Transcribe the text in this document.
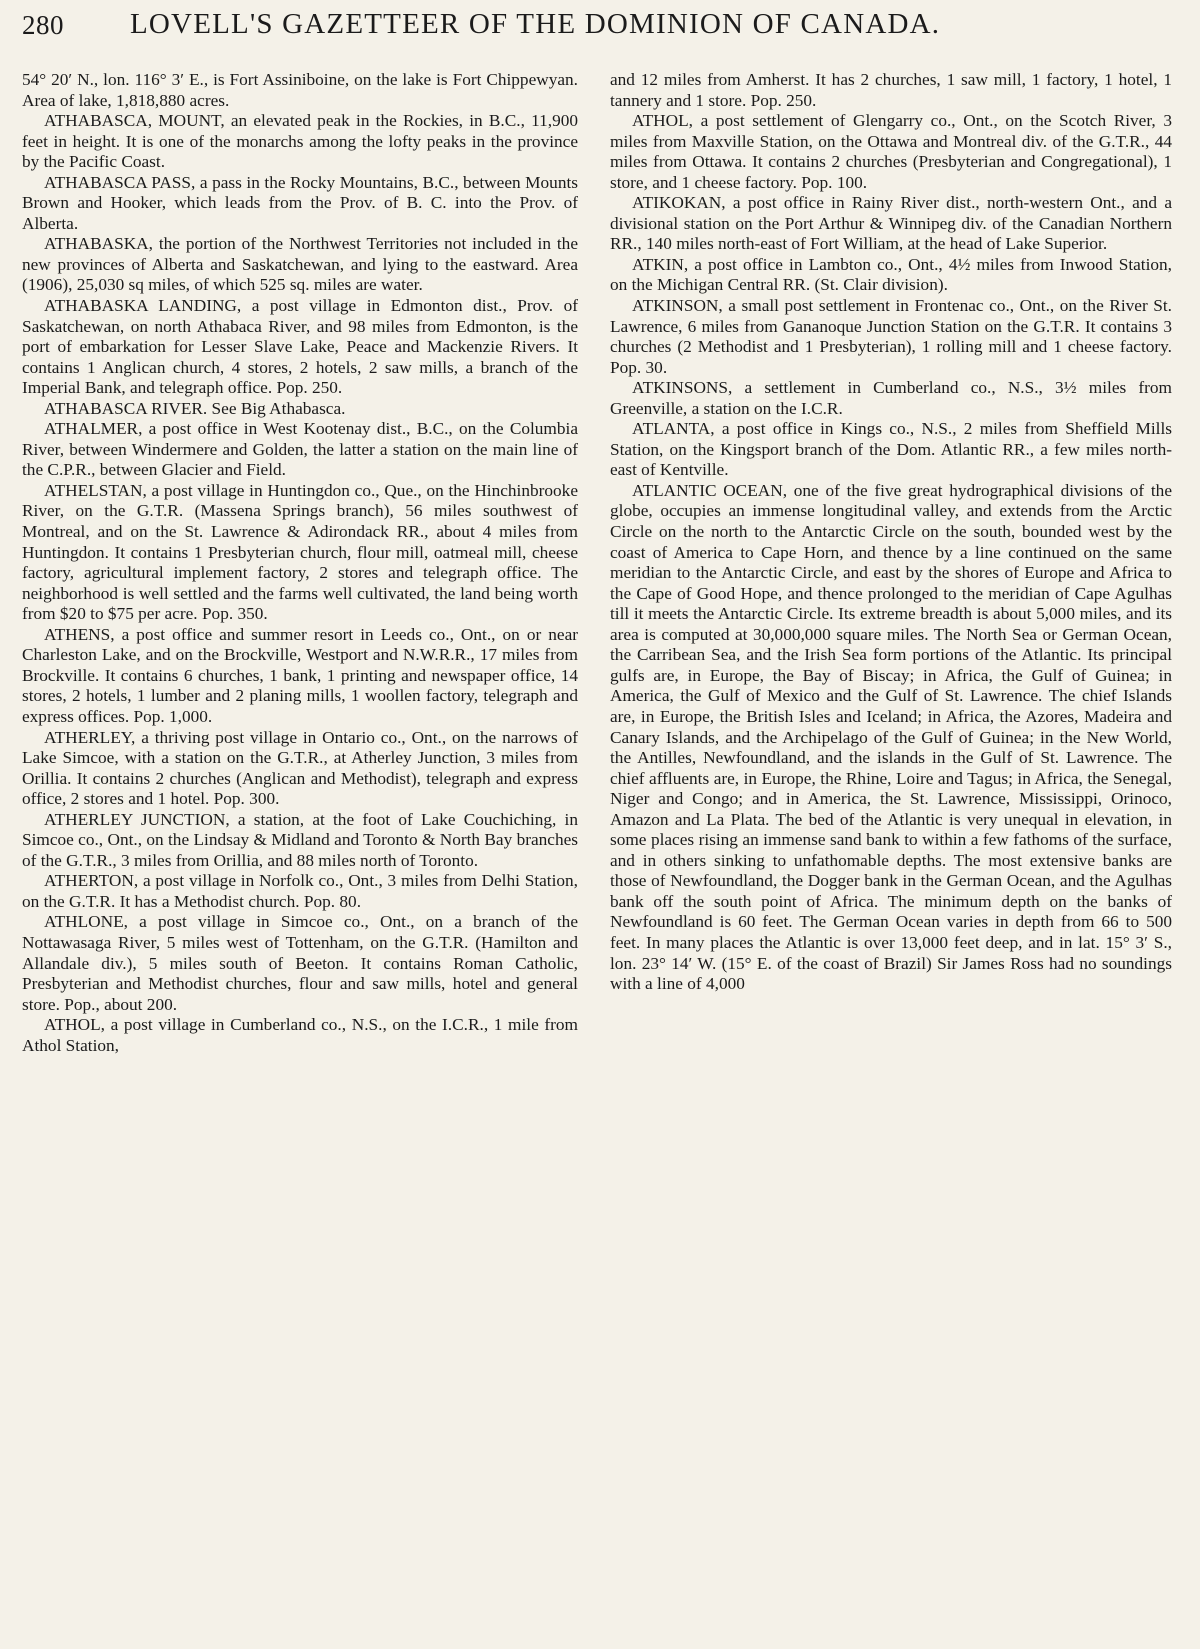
280 LOVELL'S GAZETTEER OF THE DOMINION OF CANADA.

54° 20′ N., lon. 116° 3′ E., is Fort Assiniboine, on the lake is Fort Chippewyan. Area of lake, 1,818,880 acres.

ATHABASCA, MOUNT, an elevated peak in the Rockies, in B.C., 11,900 feet in height. It is one of the monarchs among the lofty peaks in the province by the Pacific Coast.

ATHABASCA PASS, a pass in the Rocky Mountains, B.C., between Mounts Brown and Hooker, which leads from the Prov. of B. C. into the Prov. of Alberta.

ATHABASKA, the portion of the Northwest Territories not included in the new provinces of Alberta and Saskatchewan, and lying to the eastward. Area (1906), 25,030 sq miles, of which 525 sq. miles are water.

ATHABASKA LANDING, a post village in Edmonton dist., Prov. of Saskatchewan, on north Athabaca River, and 98 miles from Edmonton, is the port of embarkation for Lesser Slave Lake, Peace and Mackenzie Rivers. It contains 1 Anglican church, 4 stores, 2 hotels, 2 saw mills, a branch of the Imperial Bank, and telegraph office. Pop. 250.

ATHABASCA RIVER. See Big Athabasca.

ATHALMER, a post office in West Kootenay dist., B.C., on the Columbia River, between Windermere and Golden, the latter a station on the main line of the C.P.R., between Glacier and Field.

ATHELSTAN, a post village in Huntingdon co., Que., on the Hinchinbrooke River, on the G.T.R. (Massena Springs branch), 56 miles southwest of Montreal, and on the St. Lawrence & Adirondack RR., about 4 miles from Huntingdon. It contains 1 Presbyterian church, flour mill, oatmeal mill, cheese factory, agricultural implement factory, 2 stores and telegraph office. The neighborhood is well settled and the farms well cultivated, the land being worth from $20 to $75 per acre. Pop. 350.

ATHENS, a post office and summer resort in Leeds co., Ont., on or near Charleston Lake, and on the Brockville, Westport and N.W.R.R., 17 miles from Brockville. It contains 6 churches, 1 bank, 1 printing and newspaper office, 14 stores, 2 hotels, 1 lumber and 2 planing mills, 1 woollen factory, telegraph and express offices. Pop. 1,000.

ATHERLEY, a thriving post village in Ontario co., Ont., on the narrows of Lake Simcoe, with a station on the G.T.R., at Atherley Junction, 3 miles from Orillia. It contains 2 churches (Anglican and Methodist), telegraph and express office, 2 stores and 1 hotel. Pop. 300.

ATHERLEY JUNCTION, a station, at the foot of Lake Couchiching, in Simcoe co., Ont., on the Lindsay & Midland and Toronto & North Bay branches of the G.T.R., 3 miles from Orillia, and 88 miles north of Toronto.

ATHERTON, a post village in Norfolk co., Ont., 3 miles from Delhi Station, on the G.T.R. It has a Methodist church. Pop. 80.

ATHLONE, a post village in Simcoe co., Ont., on a branch of the Nottawasaga River, 5 miles west of Tottenham, on the G.T.R. (Hamilton and Allandale div.), 5 miles south of Beeton. It contains Roman Catholic, Presbyterian and Methodist churches, flour and saw mills, hotel and general store. Pop., about 200.

ATHOL, a post village in Cumberland co., N.S., on the I.C.R., 1 mile from Athol Station,

and 12 miles from Amherst. It has 2 churches, 1 saw mill, 1 factory, 1 hotel, 1 tannery and 1 store. Pop. 250.

ATHOL, a post settlement of Glengarry co., Ont., on the Scotch River, 3 miles from Maxville Station, on the Ottawa and Montreal div. of the G.T.R., 44 miles from Ottawa. It contains 2 churches (Presbyterian and Congregational), 1 store, and 1 cheese factory. Pop. 100.

ATIKOKAN, a post office in Rainy River dist., north-western Ont., and a divisional station on the Port Arthur & Winnipeg div. of the Canadian Northern RR., 140 miles north-east of Fort William, at the head of Lake Superior.

ATKIN, a post office in Lambton co., Ont., 4½ miles from Inwood Station, on the Michigan Central RR. (St. Clair division).

ATKINSON, a small post settlement in Frontenac co., Ont., on the River St. Lawrence, 6 miles from Gananoque Junction Station on the G.T.R. It contains 3 churches (2 Methodist and 1 Presbyterian), 1 rolling mill and 1 cheese factory. Pop. 30.

ATKINSONS, a settlement in Cumberland co., N.S., 3½ miles from Greenville, a station on the I.C.R.

ATLANTA, a post office in Kings co., N.S., 2 miles from Sheffield Mills Station, on the Kingsport branch of the Dom. Atlantic RR., a few miles north-east of Kentville.

ATLANTIC OCEAN, one of the five great hydrographical divisions of the globe, occupies an immense longitudinal valley, and extends from the Arctic Circle on the north to the Antarctic Circle on the south, bounded west by the coast of America to Cape Horn, and thence by a line continued on the same meridian to the Antarctic Circle, and east by the shores of Europe and Africa to the Cape of Good Hope, and thence prolonged to the meridian of Cape Agulhas till it meets the Antarctic Circle. Its extreme breadth is about 5,000 miles, and its area is computed at 30,000,000 square miles. The North Sea or German Ocean, the Carribean Sea, and the Irish Sea form portions of the Atlantic. Its principal gulfs are, in Europe, the Bay of Biscay; in Africa, the Gulf of Guinea; in America, the Gulf of Mexico and the Gulf of St. Lawrence. The chief Islands are, in Europe, the British Isles and Iceland; in Africa, the Azores, Madeira and Canary Islands, and the Archipelago of the Gulf of Guinea; in the New World, the Antilles, Newfoundland, and the islands in the Gulf of St. Lawrence. The chief affluents are, in Europe, the Rhine, Loire and Tagus; in Africa, the Senegal, Niger and Congo; and in America, the St. Lawrence, Mississippi, Orinoco, Amazon and La Plata. The bed of the Atlantic is very unequal in elevation, in some places rising an immense sand bank to within a few fathoms of the surface, and in others sinking to unfathomable depths. The most extensive banks are those of Newfoundland, the Dogger bank in the German Ocean, and the Agulhas bank off the south point of Africa. The minimum depth on the banks of Newfoundland is 60 feet. The German Ocean varies in depth from 66 to 500 feet. In many places the Atlantic is over 13,000 feet deep, and in lat. 15° 3′ S., lon. 23° 14′ W. (15° E. of the coast of Brazil) Sir James Ross had no soundings with a line of 4,000
